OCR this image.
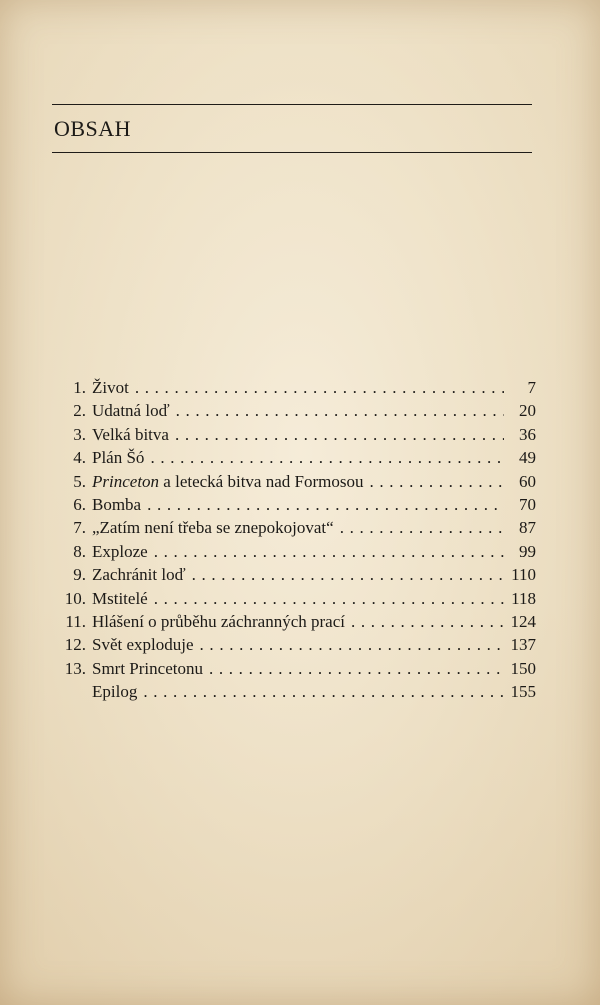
OBSAH
1. Život . . .	7
2. Udatná loď . . .	20
3. Velká bitva . . .	36
4. Plán Šó . . .	49
5. Princeton a letecká bitva nad Formosou . . .	60
6. Bomba . . .	70
7. „Zatím není třeba se znepokojovat“ . . .	87
8. Exploze . . .	99
9. Zachránit loď . . .	110
10. Mstitelé . . .	118
11. Hlášení o průběhu záchranných prací . . .	124
12. Svět exploduje . . .	137
13. Smrt Princetonu . . .	150
Epilog . . .	155
